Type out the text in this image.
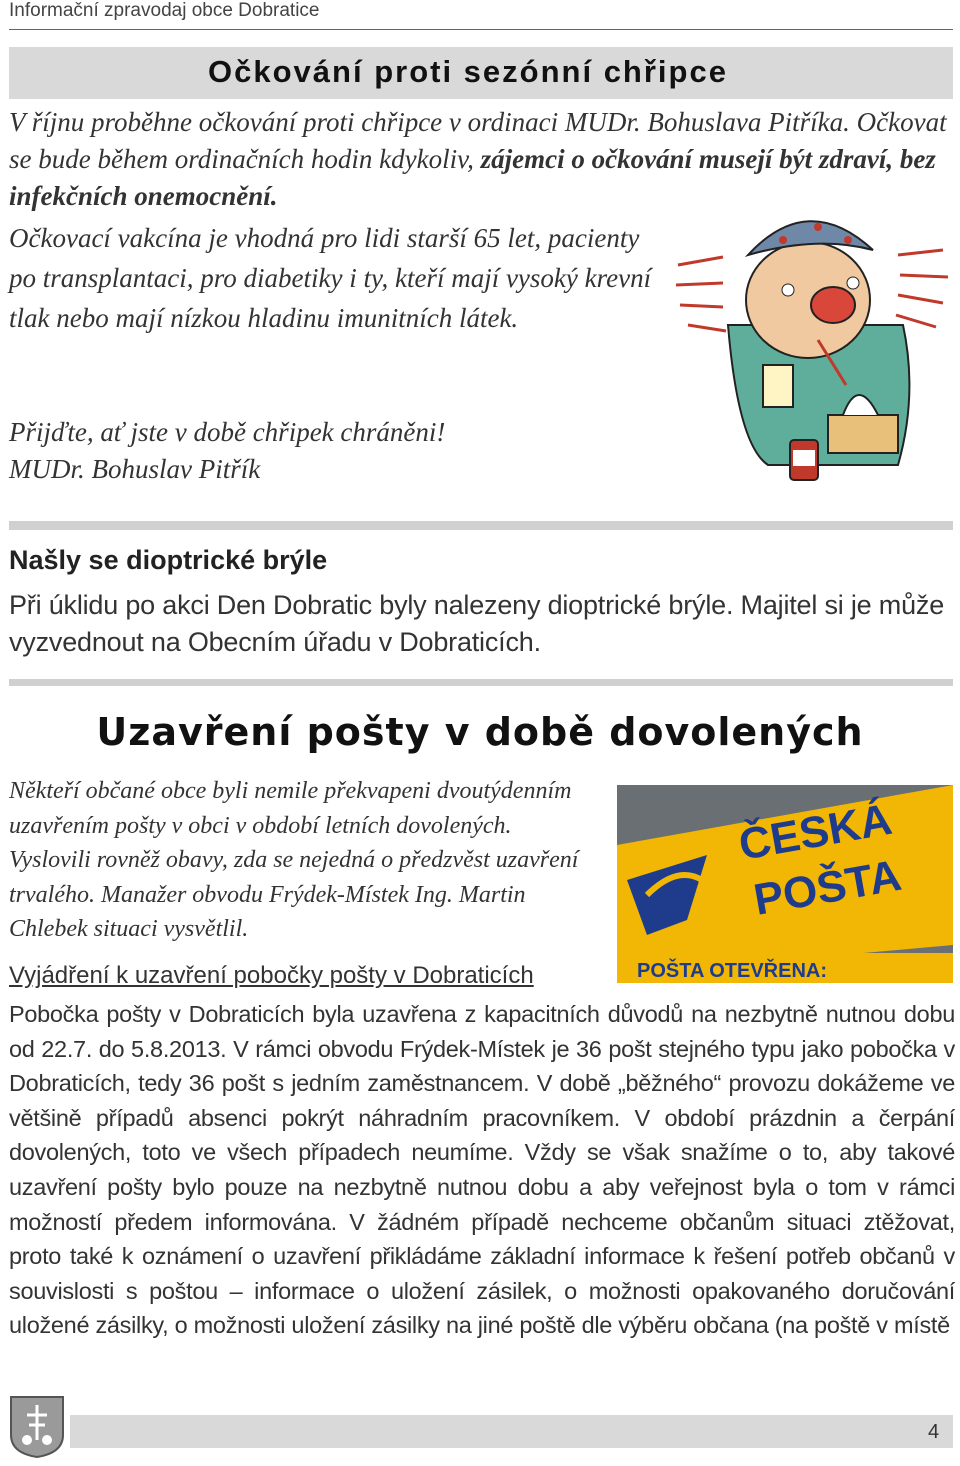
Informační zpravodaj obce Dobratice
Očkování proti sezónní chřipce
V říjnu proběhne očkování proti chřipce v ordinaci MUDr. Bohuslava Pitříka. Očkovat se bude během ordinačních hodin kdykoliv, zájemci o očkování musejí být zdraví, bez infekčních onemocnění.
Očkovací vakcína je vhodná pro lidi starší 65 let, pacienty po transplantaci, pro diabetiky i ty, kteří mají vysoký krevní tlak nebo mají nízkou hladinu imunitních látek.
Přijďte, ať jste v době chřipek chráněni!
MUDr. Bohuslav Pitřík
Našly se dioptrické brýle
Při úklidu po akci Den Dobratic byly nalezeny dioptrické brýle. Majitel si je může vyzvednout na Obecním úřadu v Dobraticích.
Uzavření pošty v době dovolených
Někteří občané obce byli nemile překvapeni dvoutýdenním uzavřením pošty v obci v období letních dovolených. Vyslovili rovněž obavy, zda se nejedná o předzvěst uzavření trvalého. Manažer obvodu Frýdek-Místek Ing. Martin Chlebek situaci vysvětlil.
ČESKÁ
POŠTA
POŠTA OTEVŘENA:
Vyjádření k uzavření pobočky pošty v Dobraticích
Pobočka pošty v Dobraticích byla uzavřena z kapacitních důvodů na nezbytně nutnou dobu od 22.7. do 5.8.2013. V rámci obvodu Frýdek-Místek je 36 pošt stejného typu jako pobočka v Dobraticích, tedy 36 pošt s jedním zaměstnancem. V době „běžného“ provozu dokážeme ve většině případů absenci pokrýt náhradním pracovníkem. V období prázdnin a čerpání dovolených, toto ve všech případech neumíme. Vždy se však snažíme o to, aby takové uzavření pošty bylo pouze na nezbytně nutnou dobu a aby veřejnost byla o tom v rámci možností předem informována. V žádném případě nechceme občanům situaci ztěžovat, proto také k oznámení o uzavření přikládáme základní informace k řešení potřeb občanů v souvislosti s poštou – informace o uložení zásilek, o možnosti opakovaného doručování uložené zásilky, o možnosti uložení zásilky na jiné poště dle výběru občana (na poště v místě
4
